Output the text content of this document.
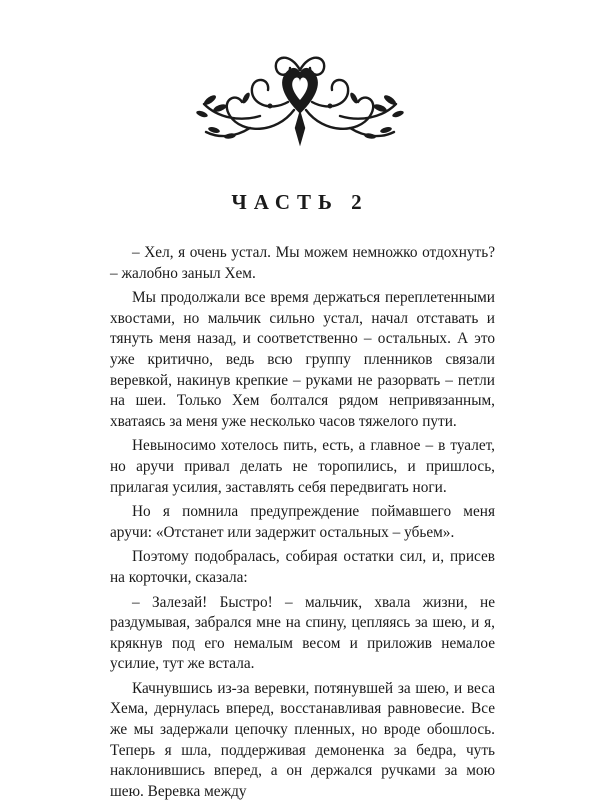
ЧАСТЬ 2

– Хел, я очень устал. Мы можем немножко отдохнуть? – жалобно заныл Хем.

Мы продолжали все время держаться переплетенными хвостами, но мальчик сильно устал, начал отставать и тянуть меня назад, и соответственно – остальных. А это уже критично, ведь всю группу пленников связали веревкой, накинув крепкие – руками не разорвать – петли на шеи. Только Хем болтался рядом непривязанным, хватаясь за меня уже несколько часов тяжелого пути.

Невыносимо хотелось пить, есть, а главное – в туалет, но аручи привал делать не торопились, и пришлось, прилагая усилия, заставлять себя передвигать ноги.

Но я помнила предупреждение поймавшего меня аручи: «Отстанет или задержит остальных – убьем».

Поэтому подобралась, собирая остатки сил, и, присев на корточки, сказала:

– Залезай! Быстро! – мальчик, хвала жизни, не раздумывая, забрался мне на спину, цепляясь за шею, и я, крякнув под его немалым весом и приложив немалое усилие, тут же встала.

Качнувшись из-за веревки, потянувшей за шею, и веса Хема, дернулась вперед, восстанавливая равновесие. Все же мы задержали цепочку пленных, но вроде обошлось. Теперь я шла, поддерживая демоненка за бедра, чуть наклонившись вперед, а он держался ручками за мою шею. Веревка между
